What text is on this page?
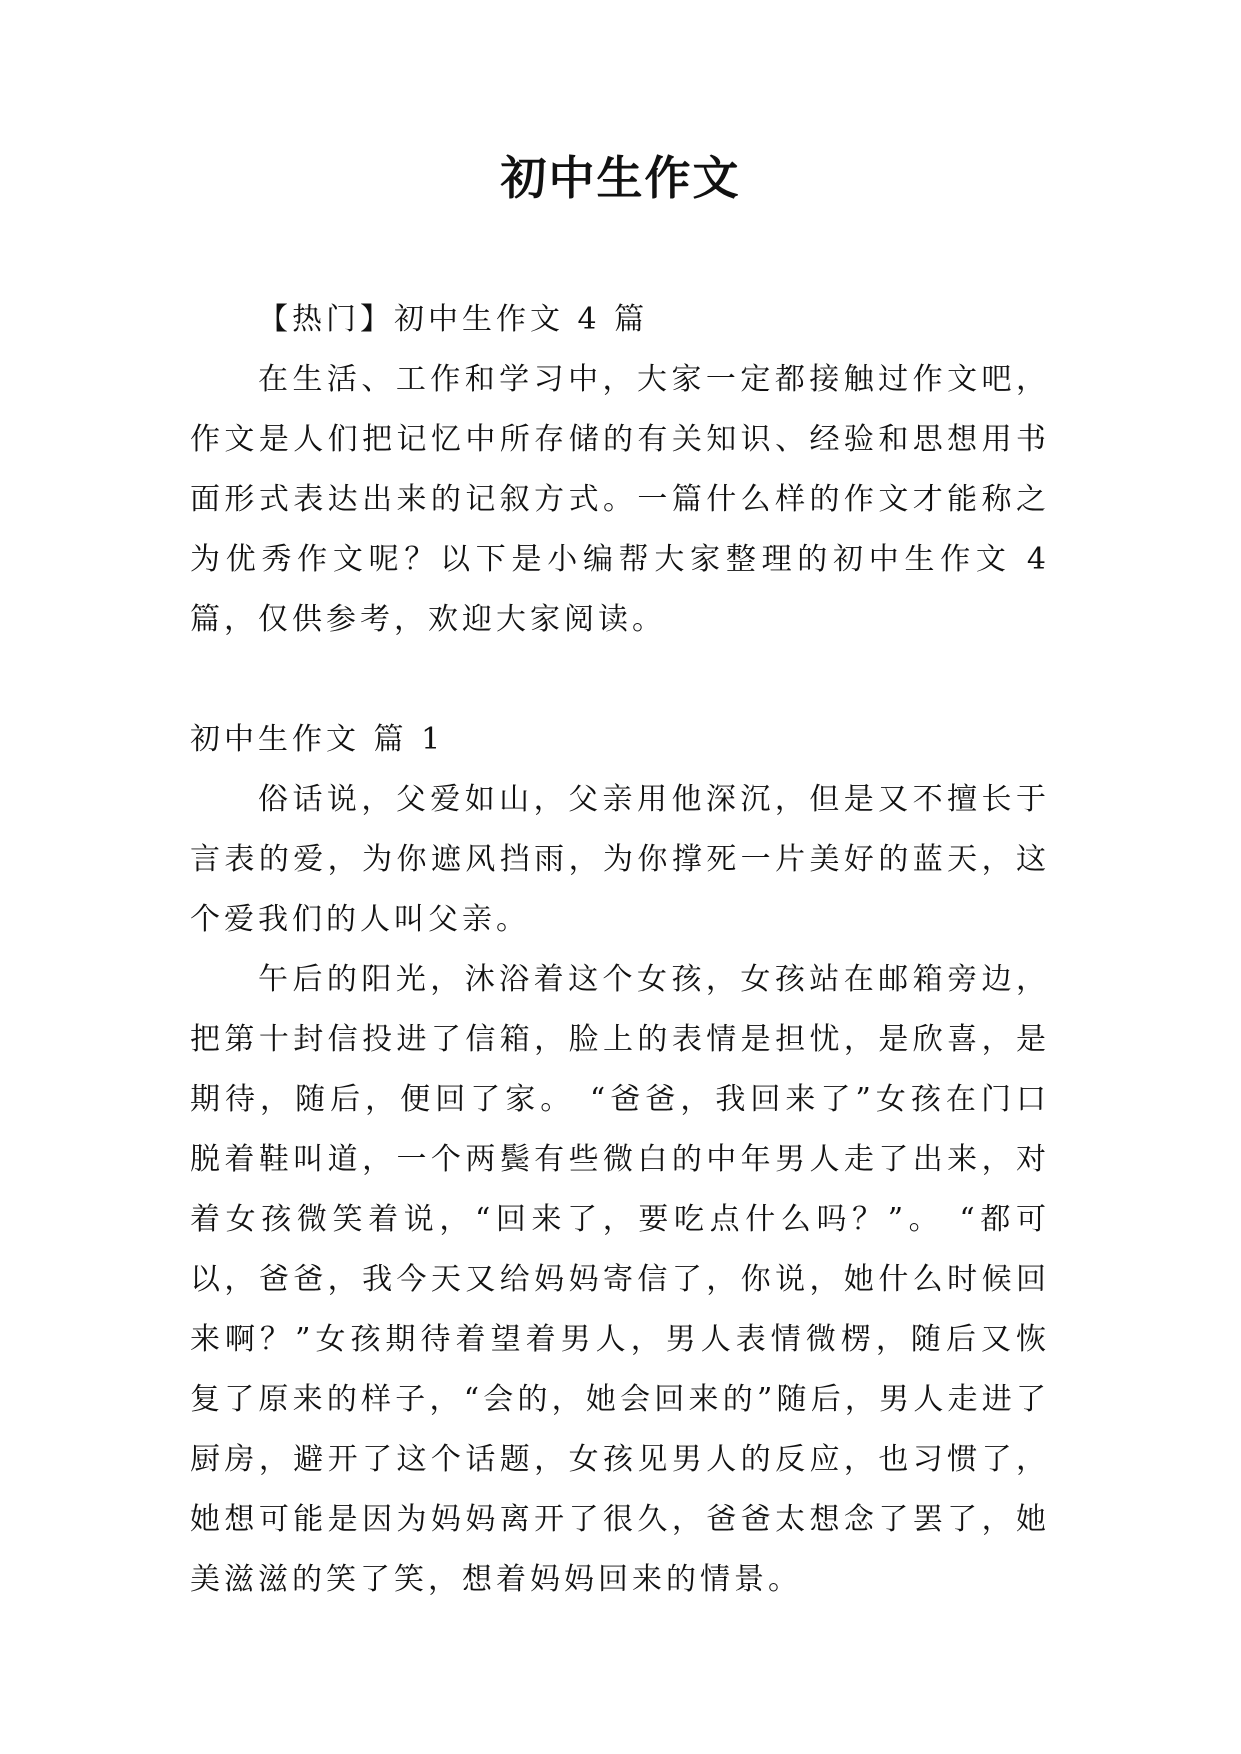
初中生作文

【热门】初中生作文 4 篇

在生活、工作和学习中，大家一定都接触过作文吧，作文是人们把记忆中所存储的有关知识、经验和思想用书面形式表达出来的记叙方式。一篇什么样的作文才能称之为优秀作文呢？以下是小编帮大家整理的初中生作文 4 篇，仅供参考，欢迎大家阅读。

初中生作文 篇 1

俗话说，父爱如山，父亲用他深沉，但是又不擅长于言表的爱，为你遮风挡雨，为你撑死一片美好的蓝天，这个爱我们的人叫父亲。

午后的阳光，沐浴着这个女孩，女孩站在邮箱旁边，把第十封信投进了信箱，脸上的表情是担忧，是欣喜，是期待，随后，便回了家。 “爸爸，我回来了”女孩在门口脱着鞋叫道，一个两鬓有些微白的中年男人走了出来，对着女孩微笑着说，“回来了，要吃点什么吗？”。 “都可以，爸爸，我今天又给妈妈寄信了，你说，她什么时候回来啊？”女孩期待着望着男人，男人表情微楞，随后又恢复了原来的样子，“会的，她会回来的”随后，男人走进了厨房，避开了这个话题，女孩见男人的反应，也习惯了，她想可能是因为妈妈离开了很久，爸爸太想念了罢了，她美滋滋的笑了笑，想着妈妈回来的情景。
